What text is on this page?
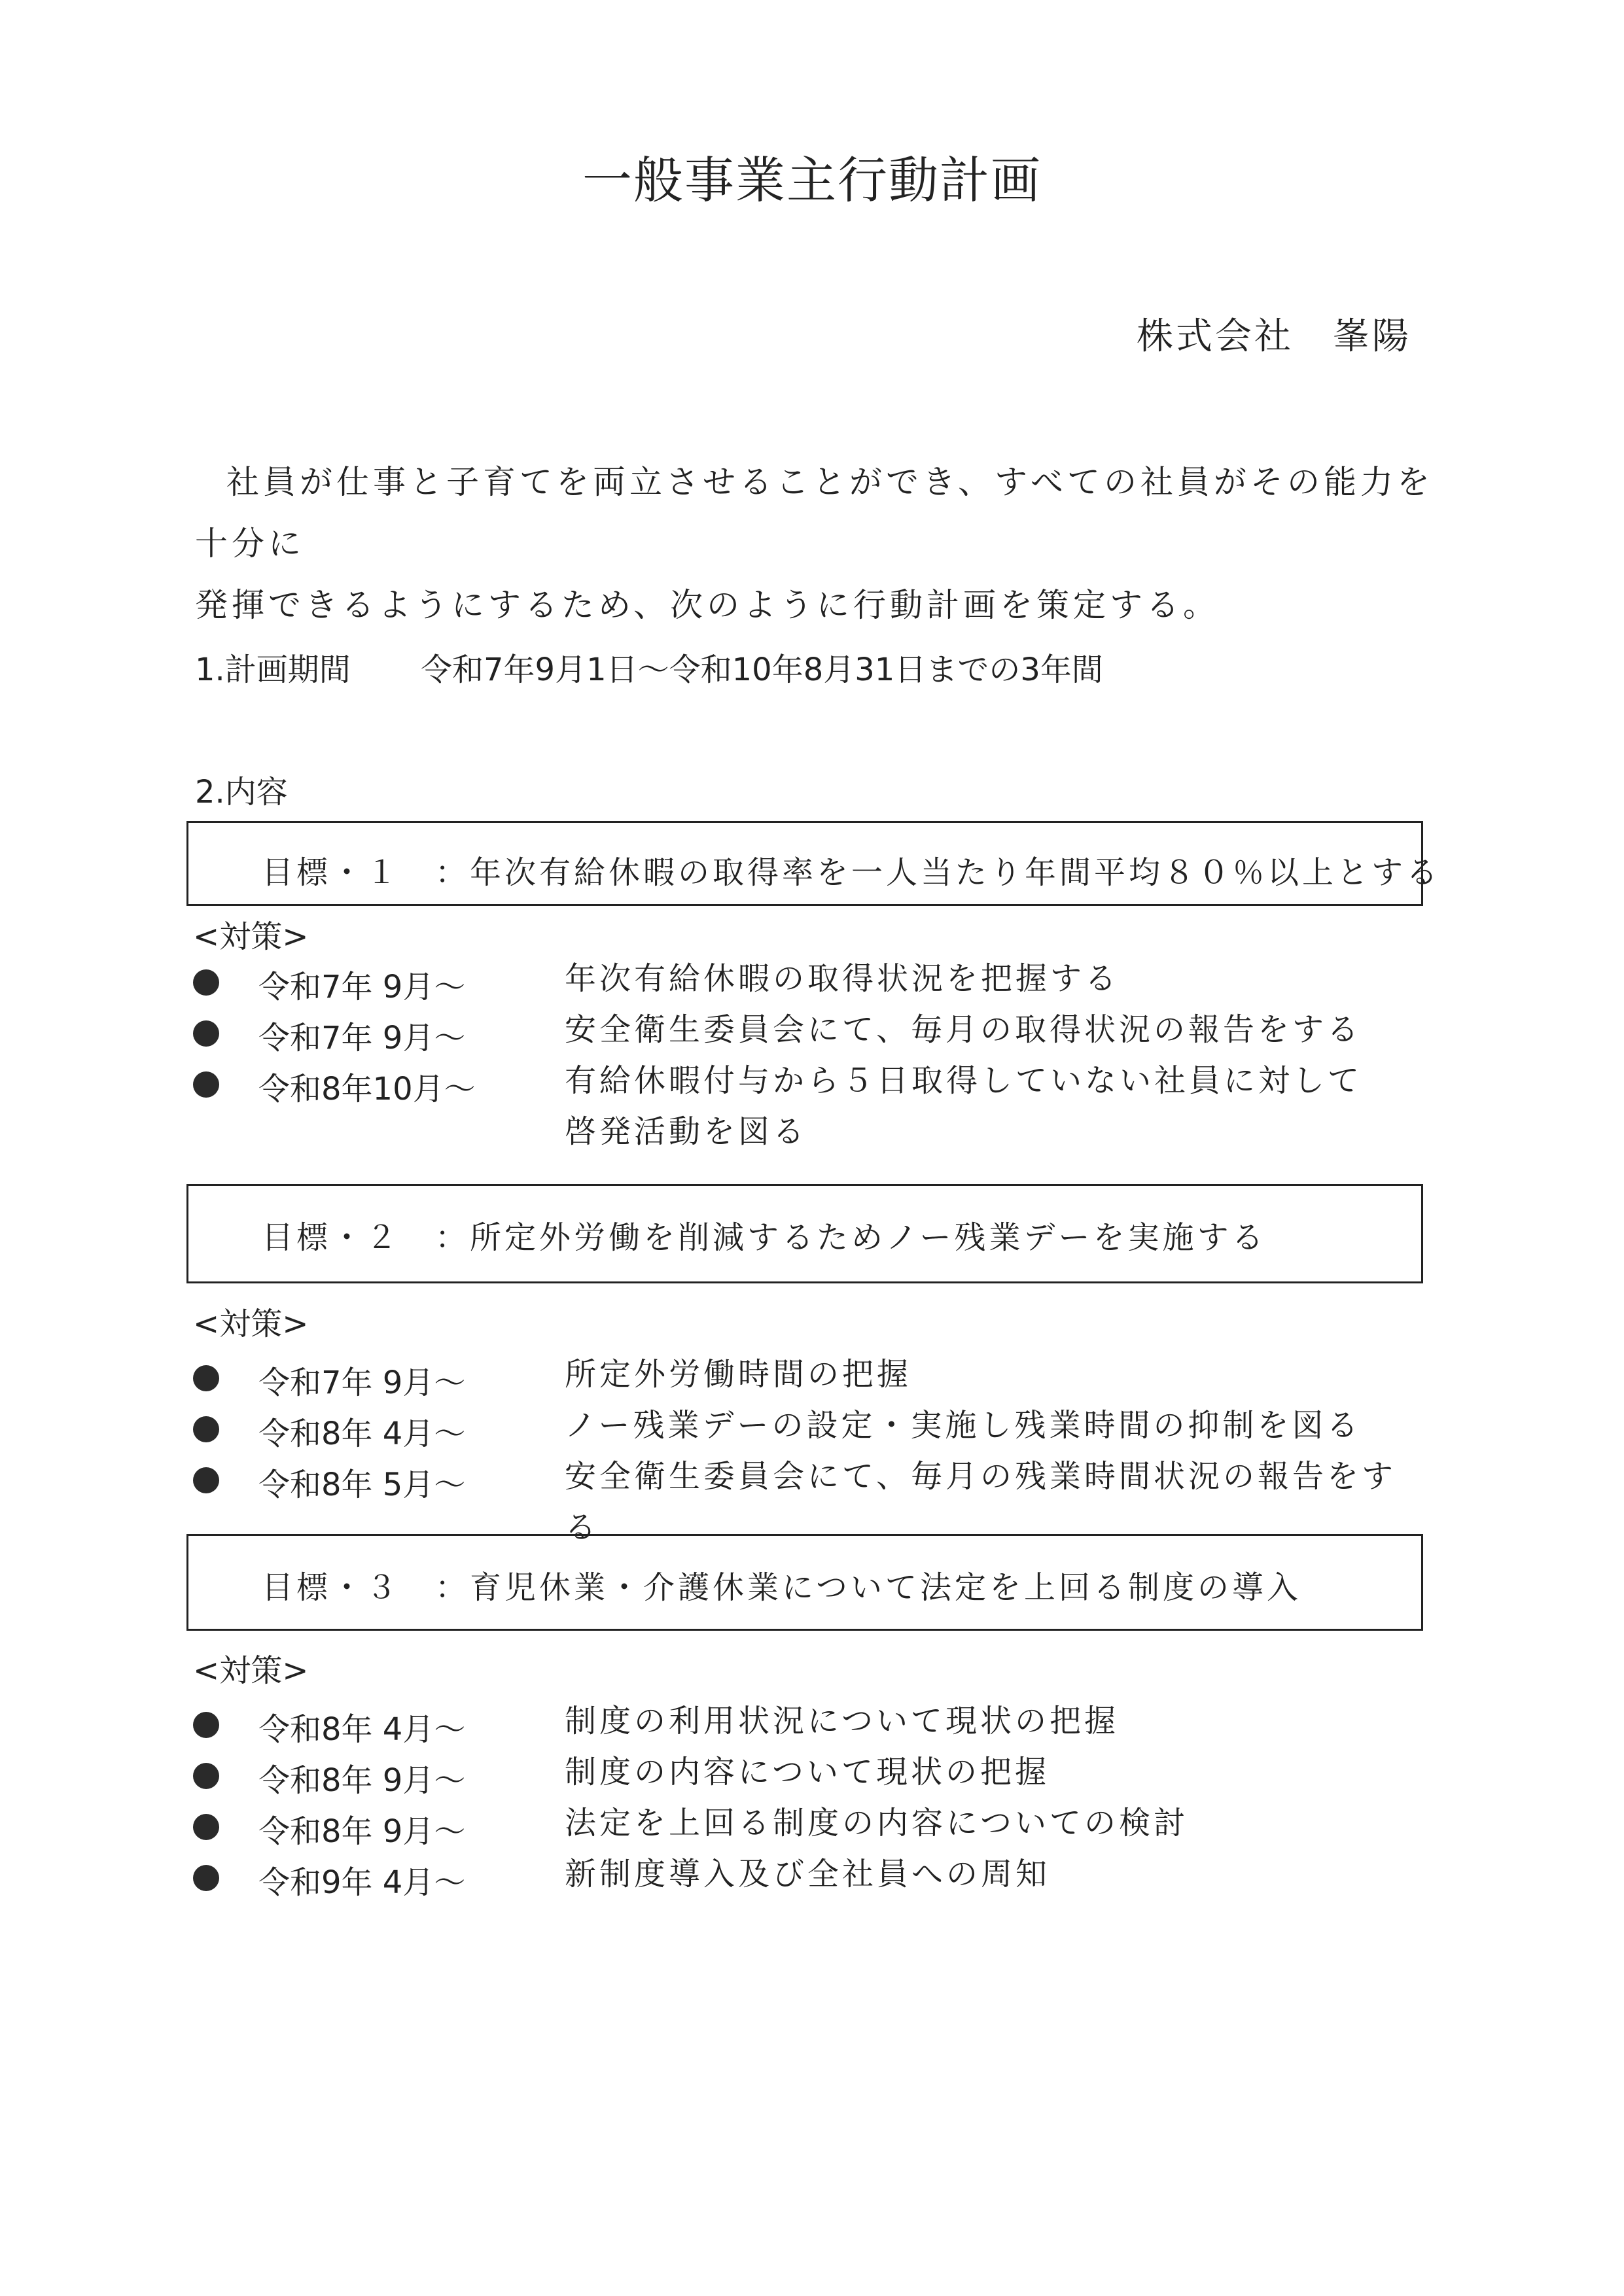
一般事業主行動計画
株式会社　峯陽
社員が仕事と子育てを両立させることができ、すべての社員がその能力を十分に
発揮できるようにするため、次のように行動計画を策定する。
1.計画期間 令和7年9月1日～令和10年8月31日までの3年間
2.内容
目標・１　：年次有給休暇の取得率を一人当たり年間平均８０％以上とする
<対策>
令和7年 9月～	年次有給休暇の取得状況を把握する
令和7年 9月～	安全衛生委員会にて、毎月の取得状況の報告をする
令和8年10月～	有給休暇付与から５日取得していない社員に対して啓発活動を図る
目標・２　：所定外労働を削減するためノー残業デーを実施する
<対策>
令和7年 9月～	所定外労働時間の把握
令和8年 4月～	ノー残業デーの設定・実施し残業時間の抑制を図る
令和8年 5月～	安全衛生委員会にて、毎月の残業時間状況の報告をする
目標・３　：育児休業・介護休業について法定を上回る制度の導入
<対策>
令和8年 4月～	制度の利用状況について現状の把握
令和8年 9月～	制度の内容について現状の把握
令和8年 9月～	法定を上回る制度の内容についての検討
令和9年 4月～	新制度導入及び全社員への周知
